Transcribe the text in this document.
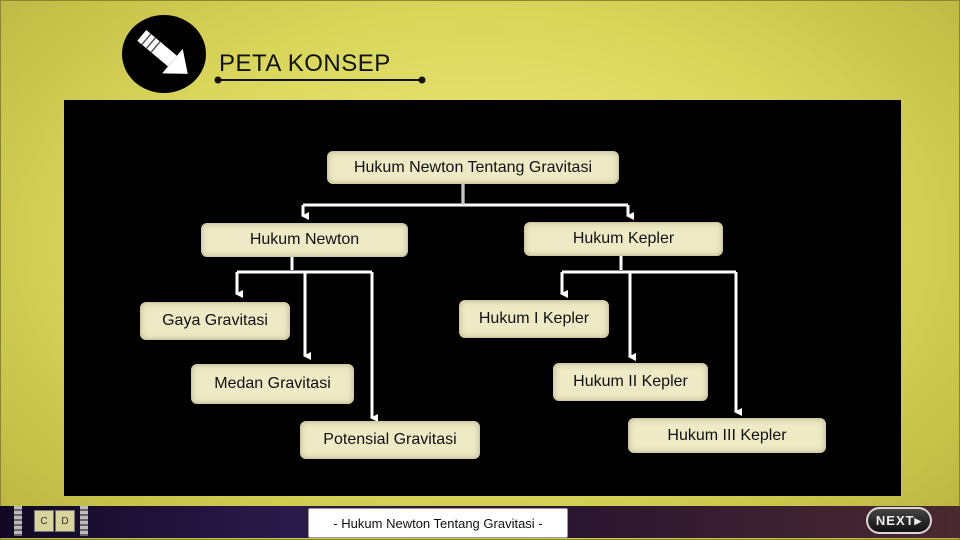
PETA KONSEP
Hukum Newton Tentang Gravitasi
Hukum Newton	Hukum Kepler
Gaya Gravitasi	Hukum I Kepler
Medan Gravitasi	Hukum II Kepler
Potensial Gravitasi	Hukum III Kepler
C	D	- Hukum Newton Tentang Gravitasi -	NEXT▸
